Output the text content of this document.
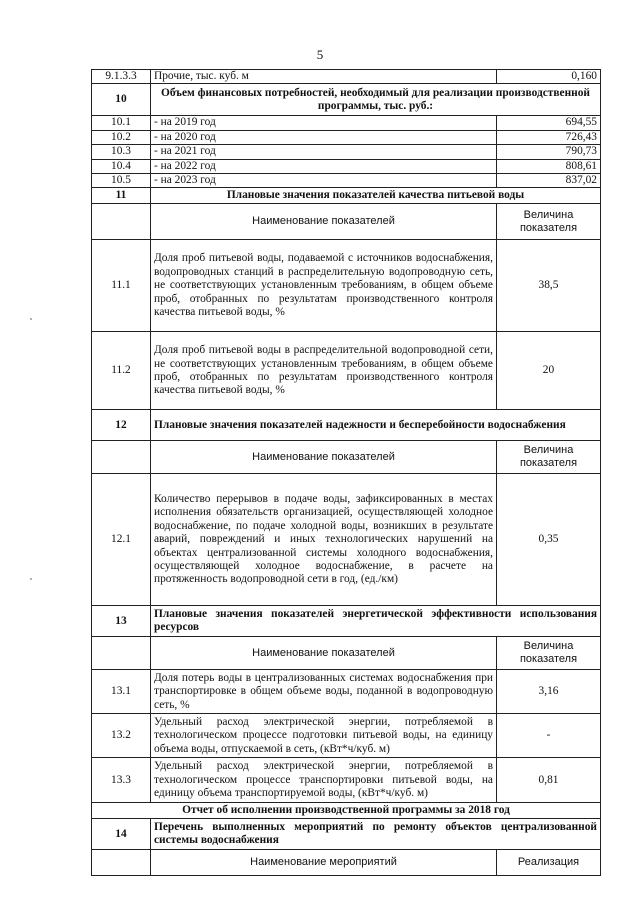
5
9.1.3.3	Прочие, тыс. куб. м	0,160
10	Объем финансовых потребностей, необходимый для реализации производственной программы, тыс. руб.:	
10.1	- на 2019 год	694,55
10.2	- на 2020 год	726,43
10.3	- на 2021 год	790,73
10.4	- на 2022 год	808,61
10.5	- на 2023 год	837,02
11	Плановые значения показателей качества питьевой воды	
	Наименование показателей	Величина показателя
11.1	Доля проб питьевой воды, подаваемой с источников водоснабжения, водопроводных станций в распределительную водопроводную сеть, не соответствующих установленным требованиям, в общем объеме проб, отобранных по результатам производственного контроля качества питьевой воды, %	38,5
11.2	Доля проб питьевой воды в распределительной водопроводной сети, не соответствующих установленным требованиям, в общем объеме проб, отобранных по результатам производственного контроля качества питьевой воды, %	20
12	Плановые значения показателей надежности и бесперебойности водоснабжения	
	Наименование показателей	Величина показателя
12.1	Количество перерывов в подаче воды, зафиксированных в местах исполнения обязательств организацией, осуществляющей холодное водоснабжение, по подаче холодной воды, возникших в результате аварий, повреждений и иных технологических нарушений на объектах централизованной системы холодного водоснабжения, осуществляющей холодное водоснабжение, в расчете на протяженность водопроводной сети в год, (ед./км)	0,35
13	Плановые значения показателей энергетической эффективности использования ресурсов	
	Наименование показателей	Величина показателя
13.1	Доля потерь воды в централизованных системах водоснабжения при транспортировке в общем объеме воды, поданной в водопроводную сеть, %	3,16
13.2	Удельный расход электрической энергии, потребляемой в технологическом процессе подготовки питьевой воды, на единицу объема воды, отпускаемой в сеть, (кВт*ч/куб. м)	-
13.3	Удельный расход электрической энергии, потребляемой в технологическом процессе транспортировки питьевой воды, на единицу объема транспортируемой воды, (кВт*ч/куб. м)	0,81
Отчет об исполнении производственной программы за 2018 год		
14	Перечень выполненных мероприятий по ремонту объектов централизованной системы водоснабжения	
	Наименование мероприятий	Реализация
